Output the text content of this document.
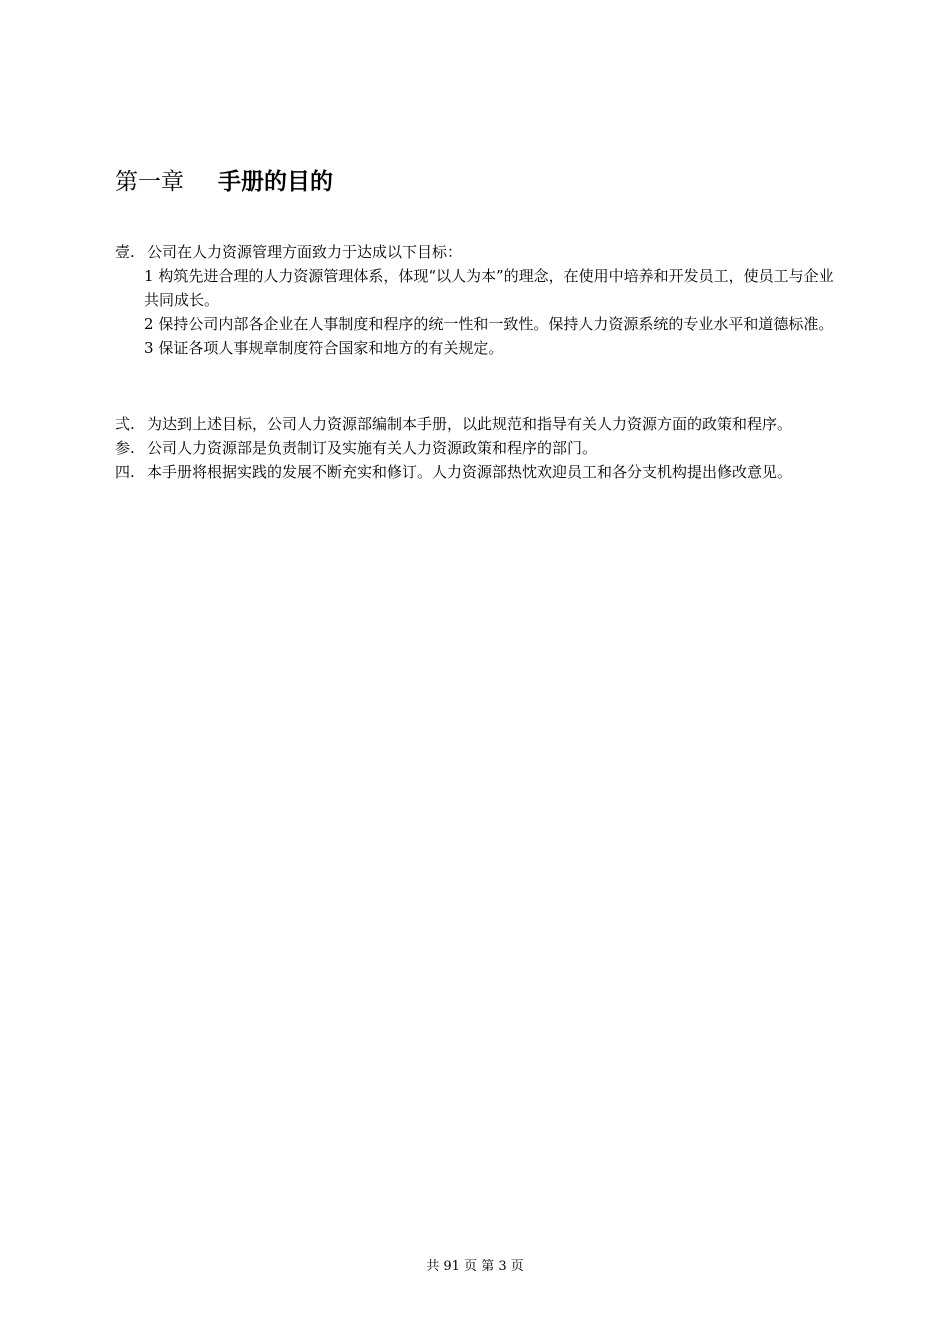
第一章 手册的目的

壹. 公司在人力资源管理方面致力于达成以下目标：

1 构筑先进合理的人力资源管理体系，体现“以人为本”的理念，在使用中培养和开发员工，使员工与企业共同成长。

2 保持公司内部各企业在人事制度和程序的统一性和一致性。保持人力资源系统的专业水平和道德标准。

3 保证各项人事规章制度符合国家和地方的有关规定。

弍. 为达到上述目标，公司人力资源部编制本手册，以此规范和指导有关人力资源方面的政策和程序。

参. 公司人力资源部是负责制订及实施有关人力资源政策和程序的部门。

四. 本手册将根据实践的发展不断充实和修订。人力资源部热忱欢迎员工和各分支机构提出修改意见。

共 91 页 第 3 页
